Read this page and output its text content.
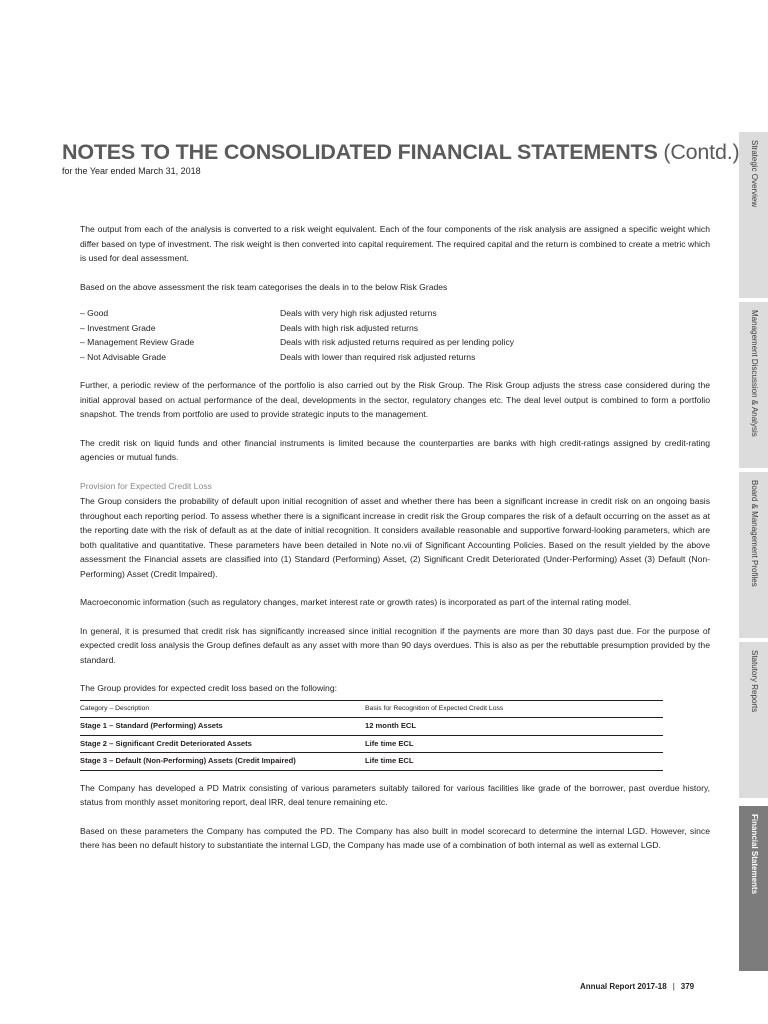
NOTES TO THE CONSOLIDATED FINANCIAL STATEMENTS (Contd.)
for the Year ended March 31, 2018

The output from each of the analysis is converted to a risk weight equivalent. Each of the four components of the risk analysis are assigned a specific weight which differ based on type of investment. The risk weight is then converted into capital requirement. The required capital and the return is combined to create a metric which is used for deal assessment.

Based on the above assessment the risk team categorises the deals in to the below Risk Grades

– Good	Deals with very high risk adjusted returns
– Investment Grade	Deals with high risk adjusted returns
– Management Review Grade	Deals with risk adjusted returns required as per lending policy
– Not Advisable Grade	Deals with lower than required risk adjusted returns

Further, a periodic review of the performance of the portfolio is also carried out by the Risk Group. The Risk Group adjusts the stress case considered during the initial approval based on actual performance of the deal, developments in the sector, regulatory changes etc. The deal level output is combined to form a portfolio snapshot. The trends from portfolio are used to provide strategic inputs to the management.

The credit risk on liquid funds and other financial instruments is limited because the counterparties are banks with high credit-ratings assigned by credit-rating agencies or mutual funds.

Provision for Expected Credit Loss

The Group considers the probability of default upon initial recognition of asset and whether there has been a significant increase in credit risk on an ongoing basis throughout each reporting period. To assess whether there is a significant increase in credit risk the Group compares the risk of a default occurring on the asset as at the reporting date with the risk of default as at the date of initial recognition. It considers available reasonable and supportive forward-looking parameters, which are both qualitative and quantitative. These parameters have been detailed in Note no.vii of Significant Accounting Policies. Based on the result yielded by the above assessment the Financial assets are classified into (1) Standard (Performing) Asset, (2) Significant Credit Deteriorated (Under-Performing) Asset (3) Default (Non-Performing) Asset (Credit Impaired).

Macroeconomic information (such as regulatory changes, market interest rate or growth rates) is incorporated as part of the internal rating model.

In general, it is presumed that credit risk has significantly increased since initial recognition if the payments are more than 30 days past due. For the purpose of expected credit loss analysis the Group defines default as any asset with more than 90 days overdues. This is also as per the rebuttable presumption provided by the standard.

The Group provides for expected credit loss based on the following:
Category – Description	Basis for Recognition of Expected Credit Loss
Stage 1 – Standard (Performing) Assets	12 month ECL
Stage 2 – Significant Credit Deteriorated Assets	Life time ECL
Stage 3 – Default (Non-Performing) Assets (Credit Impaired)	Life time ECL

The Company has developed a PD Matrix consisting of various parameters suitably tailored for various facilities like grade of the borrower, past overdue history, status from monthly asset monitoring report, deal IRR, deal tenure remaining etc.

Based on these parameters the Company has computed the PD. The Company has also built in model scorecard to determine the internal LGD. However, since there has been no default history to substantiate the internal LGD, the Company has made use of a combination of both internal as well as external LGD.

Strategic Overview
Management Discussion & Analysis
Board & Management Profiles
Statutory Reports
Financial Statements
Annual Report 2017-18 | 379
